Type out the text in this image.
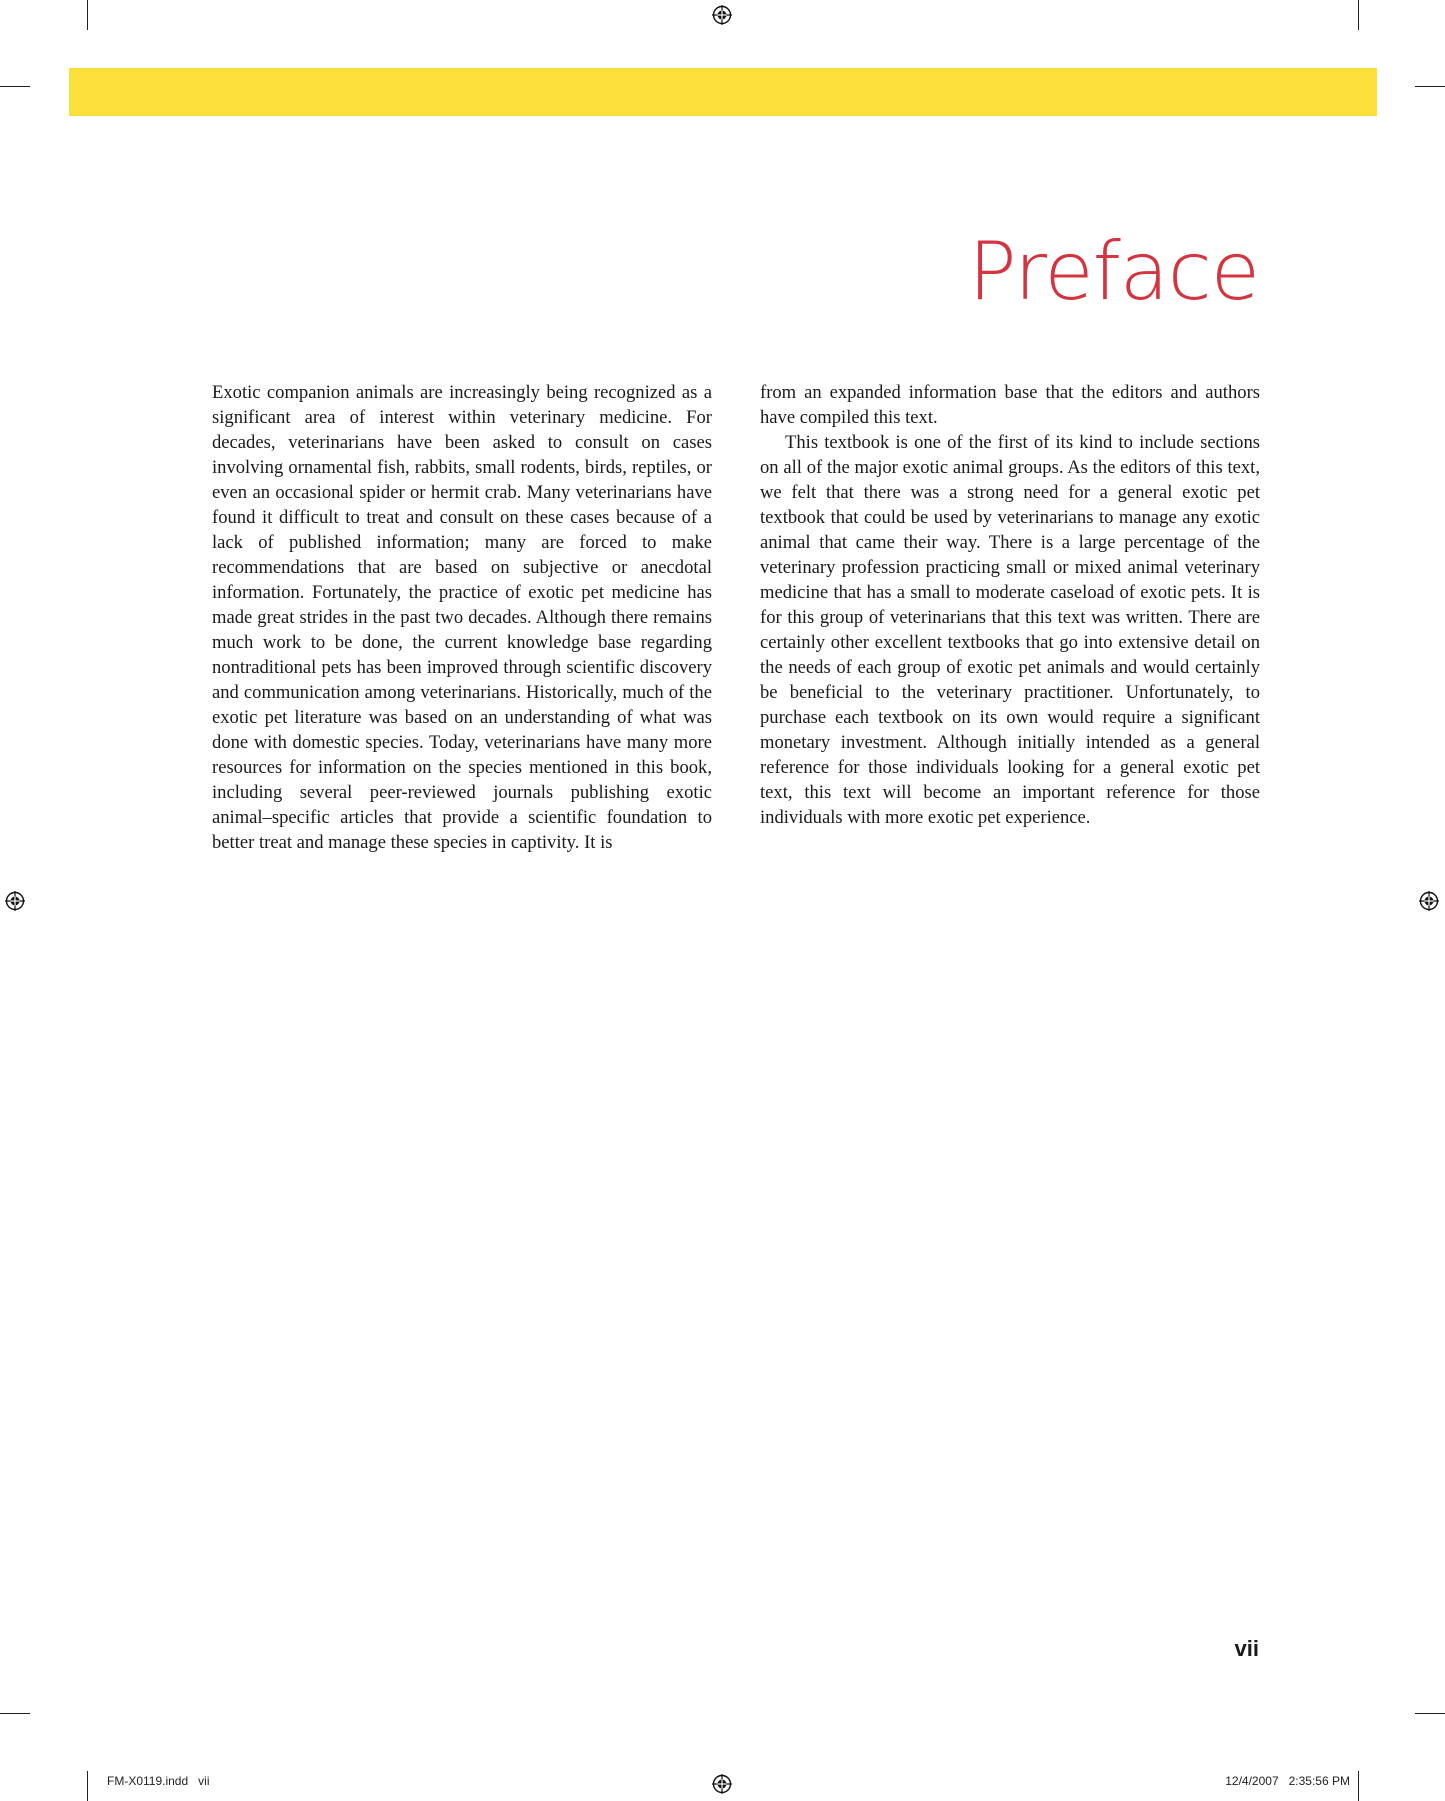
Preface

Exotic companion animals are increasingly being recognized as a significant area of interest within veterinary medicine. For decades, veterinarians have been asked to consult on cases involving ornamental fish, rabbits, small rodents, birds, reptiles, or even an occasional spider or hermit crab. Many veterinarians have found it difficult to treat and consult on these cases because of a lack of published information; many are forced to make recommendations that are based on subjective or anecdotal information. Fortunately, the practice of exotic pet medicine has made great strides in the past two decades. Although there remains much work to be done, the current knowledge base regarding nontraditional pets has been improved through scientific discovery and communication among veterinarians. Historically, much of the exotic pet literature was based on an understanding of what was done with domestic species. Today, veterinarians have many more resources for information on the species mentioned in this book, including several peer-reviewed journals publishing exotic animal–specific articles that provide a scientific foundation to better treat and manage these species in captivity. It is

from an expanded information base that the editors and authors have compiled this text.

This textbook is one of the first of its kind to include sections on all of the major exotic animal groups. As the editors of this text, we felt that there was a strong need for a general exotic pet textbook that could be used by veterinarians to manage any exotic animal that came their way. There is a large percentage of the veterinary profession practicing small or mixed animal veterinary medicine that has a small to moderate caseload of exotic pets. It is for this group of veterinarians that this text was written. There are certainly other excellent textbooks that go into extensive detail on the needs of each group of exotic pet animals and would certainly be beneficial to the veterinary practitioner. Unfortunately, to purchase each textbook on its own would require a significant monetary investment. Although initially intended as a general reference for those individuals looking for a general exotic pet text, this text will become an important reference for those individuals with more exotic pet experience.

vii
FM-X0119.indd   vii	12/4/2007   2:35:56 PM
